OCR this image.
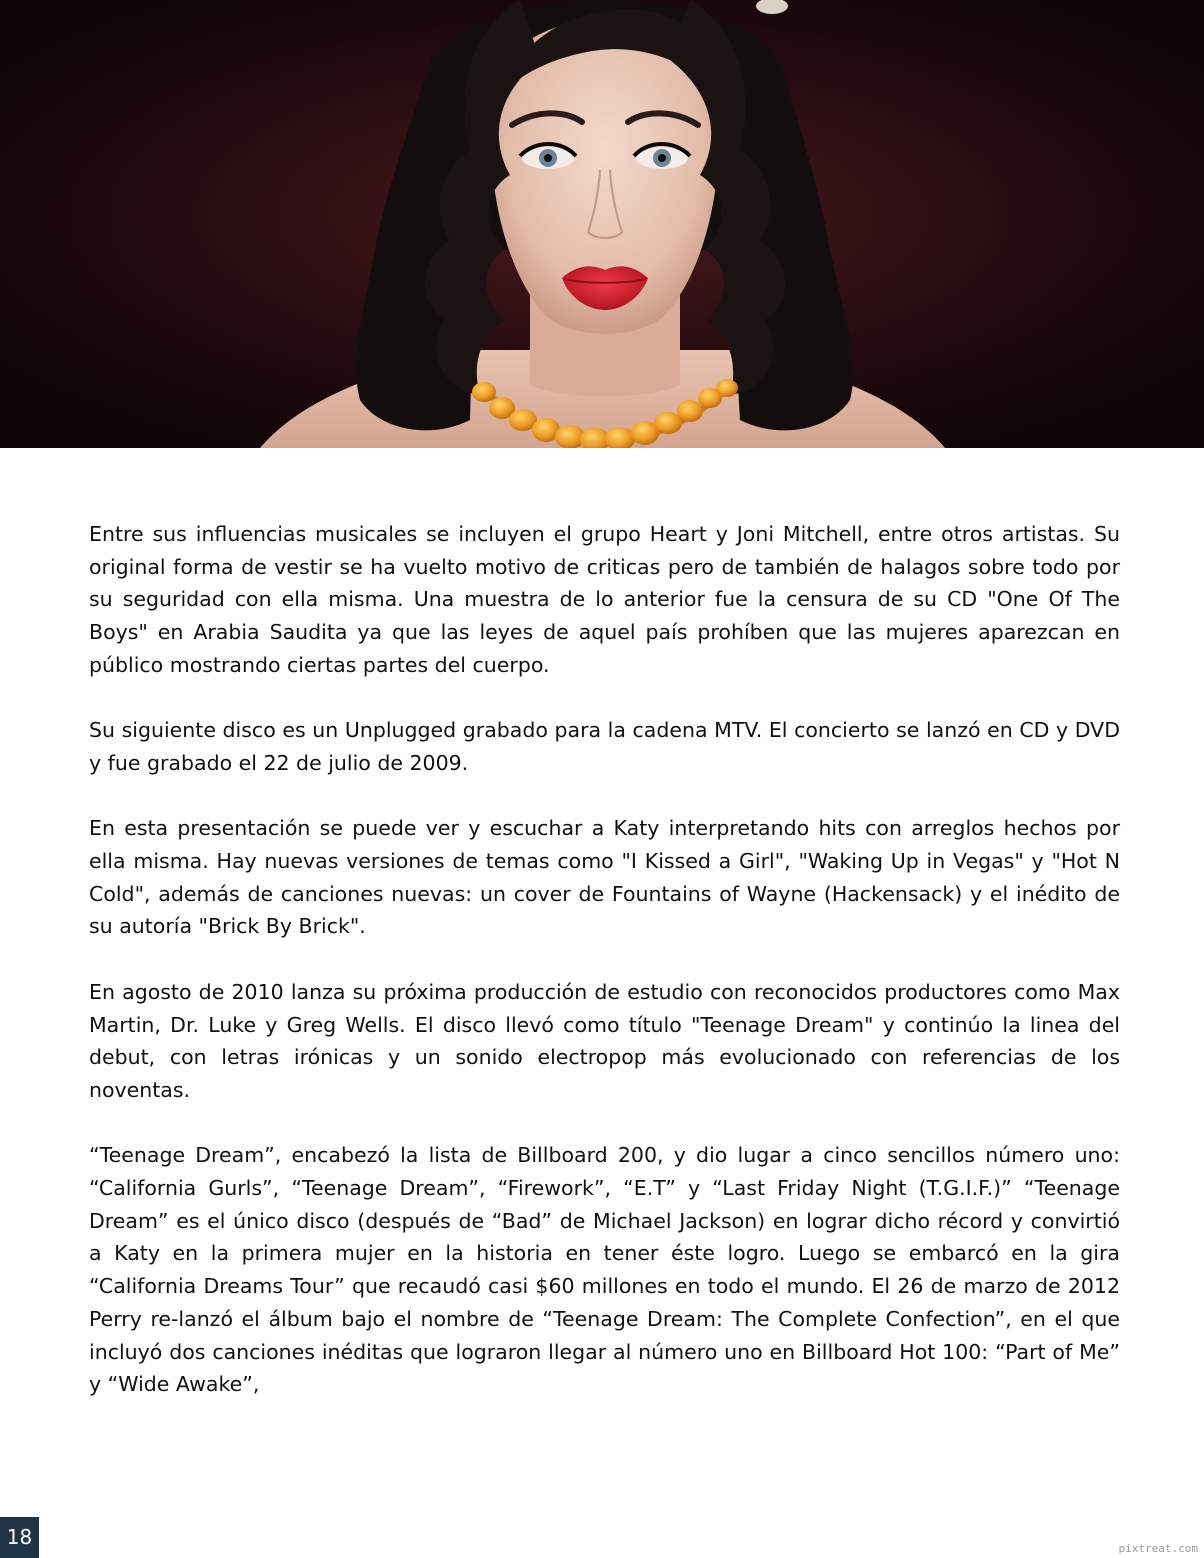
Entre sus influencias musicales se incluyen el grupo Heart y Joni Mitchell, entre otros artistas. Su original forma de vestir se ha vuelto motivo de criticas pero de también de halagos sobre todo por su seguridad con ella misma. Una muestra de lo anterior fue la censura de su CD "One Of The Boys" en Arabia Saudita ya que las leyes de aquel país prohíben que las mujeres aparezcan en público mostrando ciertas partes del cuerpo.

Su siguiente disco es un Unplugged grabado para la cadena MTV. El concierto se lanzó en CD y DVD y fue grabado el 22 de julio de 2009.

En esta presentación se puede ver y escuchar a Katy interpretando hits con arreglos hechos por ella misma. Hay nuevas versiones de temas como "I Kissed a Girl", "Waking Up in Vegas" y "Hot N Cold", además de canciones nuevas: un cover de Fountains of Wayne (Hackensack) y el inédito de su autoría "Brick By Brick".

En agosto de 2010 lanza su próxima producción de estudio con reconocidos productores como Max Martin, Dr. Luke y Greg Wells. El disco llevó como título "Teenage Dream" y continúo la linea del debut, con letras irónicas y un sonido electropop más evolucionado con referencias de los noventas.

“Teenage Dream”, encabezó la lista de Billboard 200, y dio lugar a cinco sencillos número uno: “California Gurls”, “Teenage Dream”, “Firework”, “E.T” y “Last Friday Night (T.G.I.F.)” “Teenage Dream” es el único disco (después de “Bad” de Michael Jackson) en lograr dicho récord y convirtió a Katy en la primera mujer en la historia en tener éste logro. Luego se embarcó en la gira “California Dreams Tour” que recaudó casi $60 millones en todo el mundo. El 26 de marzo de 2012 Perry re-lanzó el álbum bajo el nombre de “Teenage Dream: The Complete Confection”, en el que incluyó dos canciones inéditas que lograron llegar al número uno en Billboard Hot 100: “Part of Me” y “Wide Awake”,

18	pixtreat.com
